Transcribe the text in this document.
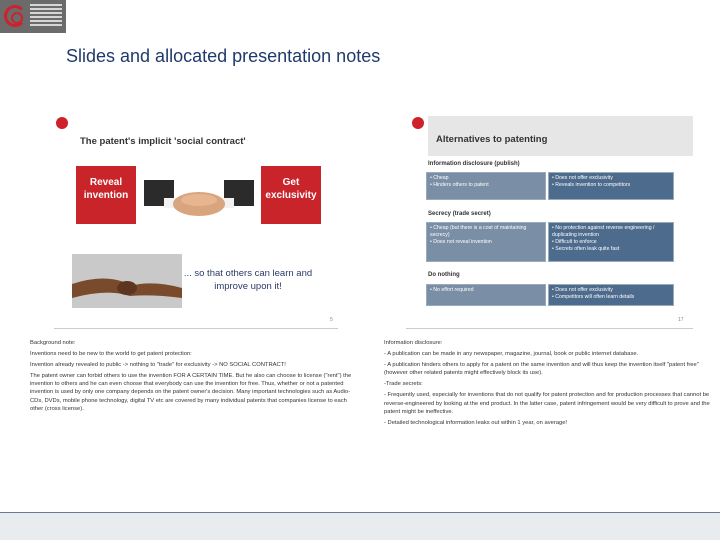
Slides and allocated presentation notes
The patent's implicit 'social contract'
Reveal invention
Get exclusivity
... so that others can learn and improve upon it!
5
Alternatives to patenting
Information disclosure (publish)
• Cheap
• Hinders others to patent
• Does not offer exclusivity
• Reveals invention to competitors
Secrecy (trade secret)
• Cheap (but there is a cost of maintaining secrecy)
• Does not reveal invention
• No protection against reverse engineering / duplicating invention
• Difficult to enforce
• Secrets often leak quite fast
Do nothing
• No effort required	• Does not offer exclusivity
• Competitors will often learn details
17

Background note:

Inventions need to be new to the world to get patent protection:

Invention already revealed to public -> nothing to "trade" for exclusivity -> NO SOCIAL CONTRACT!

The patent owner can forbid others to use the invention FOR A CERTAIN TIME. But he also can choose to license ("rent") the invention to others and he can even choose that everybody can use the invention for free. Thus, whether or not a patented invention is used by only one company depends on the patent owner's decision. Many important technologies such as Audio-CDs, DVDs, mobile phone technology, digital TV etc are covered by many individual patents that companies license to each other (cross license).

Information disclosure:

- A publication can be made in any newspaper, magazine, journal, book or public internet database.

- A publication hinders others to apply for a patent on the same invention and will thus keep the invention itself "patent free" (however other related patents might effectively block its use).

-Trade secrets:

- Frequently used, especially for inventions that do not qualify for patent protection and for production processes that cannot be reverse-engineered by looking at the end product. In the latter case, patent infringement would be very difficult to prove and the patent might be ineffective.

- Detailed technological information leaks out within 1 year, on average!
